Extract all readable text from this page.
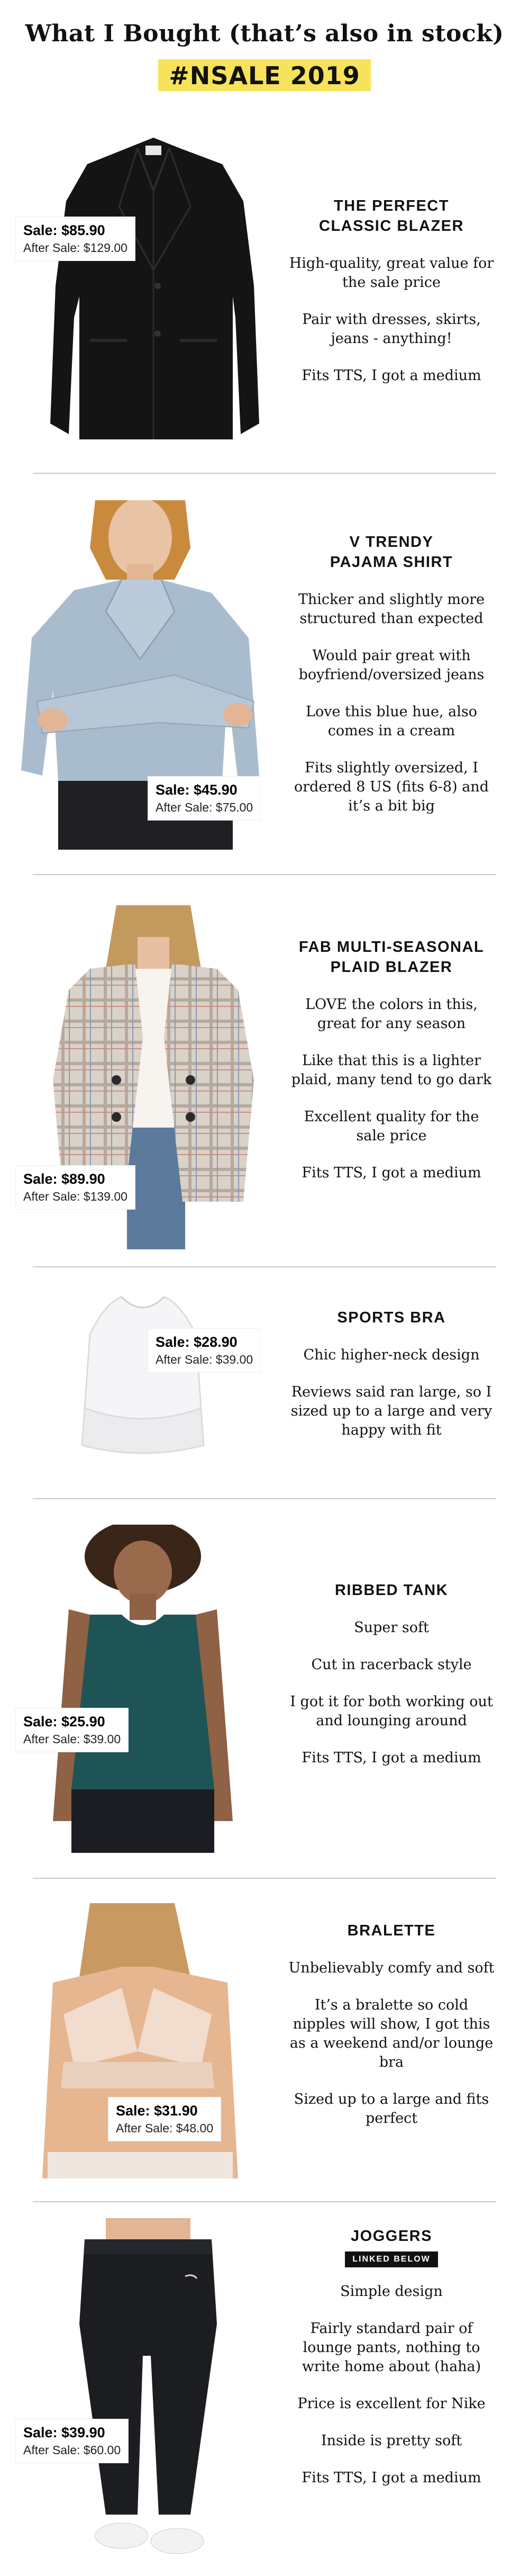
What I Bought (that’s also in stock)
#NSALE 2019
Sale: $85.90
After Sale: $129.00
THE PERFECT
CLASSIC BLAZER
High-quality, great value for the sale price
Pair with dresses, skirts, jeans - anything!
Fits TTS, I got a medium
Sale: $45.90
After Sale: $75.00
V TRENDY
PAJAMA SHIRT
Thicker and slightly more structured than expected
Would pair great with boyfriend/oversized jeans
Love this blue hue, also comes in a cream
Fits slightly oversized, I ordered 8 US (fits 6-8) and it’s a bit big
Sale: $89.90
After Sale: $139.00
FAB MULTI-SEASONAL
PLAID BLAZER
LOVE the colors in this, great for any season
Like that this is a lighter plaid, many tend to go dark
Excellent quality for the sale price
Fits TTS, I got a medium
Sale: $28.90
After Sale: $39.00
SPORTS BRA
Chic higher-neck design
Reviews said ran large, so I sized up to a large and very happy with fit
Sale: $25.90
After Sale: $39.00
RIBBED TANK
Super soft
Cut in racerback style
I got it for both working out and lounging around
Fits TTS, I got a medium
Sale: $31.90
After Sale: $48.00
BRALETTE
Unbelievably comfy and soft
It’s a bralette so cold nipples will show, I got this as a weekend and/or lounge bra
Sized up to a large and fits perfect
Sale: $39.90
After Sale: $60.00
JOGGERS
LINKED BELOW
Simple design
Fairly standard pair of lounge pants, nothing to write home about (haha)
Price is excellent for Nike
Inside is pretty soft
Fits TTS, I got a medium
